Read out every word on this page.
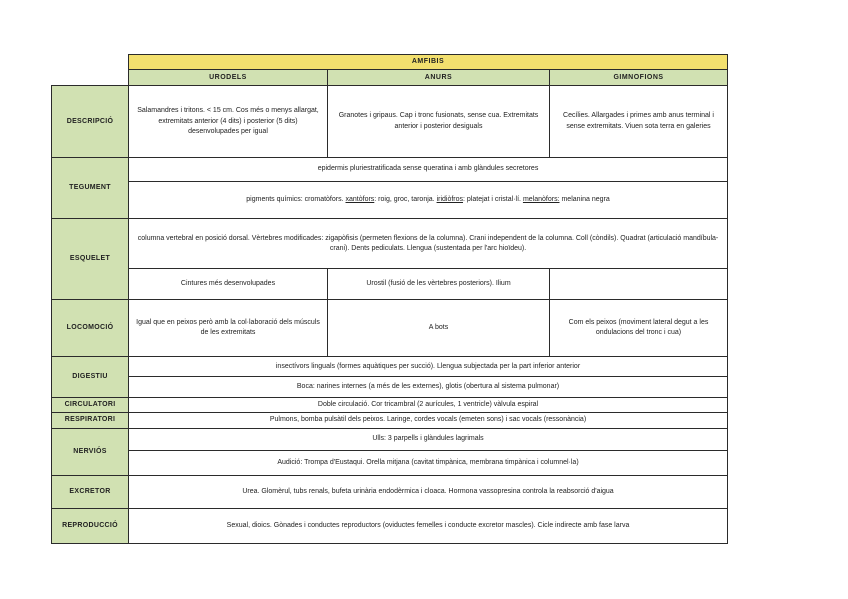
	AMFIBIS		
	URODELS	ANURS	GIMNOFIONS
DESCRIPCIÓ	Salamandres i tritons. < 15 cm. Cos més o menys allargat, extremitats anterior (4 dits) i posterior (5 dits) desenvolupades per igual	Granotes i gripaus. Cap i tronc fusionats, sense cua. Extremitats anterior i posterior desiguals	Cecílies. Allargades i primes amb anus terminal i sense extremitats. Viuen sota terra en galeries
TEGUMENT	epidermis pluriestratificada sense queratina i amb glàndules secretores		
	pigments químics: cromatòfors. xantòfors: roig, groc, taronja. iridiòfros: platejat i cristal·lí. melanòfors: melanina negra		
ESQUELET	columna vertebral en posició dorsal. Vèrtebres modificades: zigapòfisis (permeten flexions de la columna). Crani independent de la columna. Coll (còndils). Quadrat (articulació mandíbula-crani). Dents pediculats. Llengua (sustentada per l'arc hioïdeu).		
	Cintures més desenvolupades	Urostil (fusió de les vèrtebres posteriors). Ilium	
LOCOMOCIÓ	Igual que en peixos però amb la col·laboració dels músculs de les extremitats	A bots	Com els peixos (moviment lateral degut a les ondulacions del tronc i cua)
DIGESTIU	insectívors linguals (formes aquàtiques per succió). Llengua subjectada per la part inferior anterior		
	Boca: narines internes (a més de les externes), glotis (obertura al sistema pulmonar)		
CIRCULATORI	Doble circulació. Cor tricambral (2 aurícules, 1 ventricle) vàlvula espiral		
RESPIRATORI	Pulmons, bomba pulsàtil dels peixos. Laringe, cordes vocals (emeten sons) i sac vocals (ressonància)		
NERVIÓS	Ulls: 3 parpells i glàndules lagrimals		
	Audició: Trompa d'Eustaqui. Orella mitjana (cavitat timpànica, membrana timpànica i columnel·la)		
EXCRETOR	Urea. Glomèrul, tubs renals, bufeta urinària endodèrmica i cloaca. Hormona vassopresina controla la reabsorció d'aigua		
REPRODUCCIÓ	Sexual, dioics. Gònades i conductes reproductors (oviductes femelles i conducte excretor mascles). Cicle indirecte amb fase larva		
